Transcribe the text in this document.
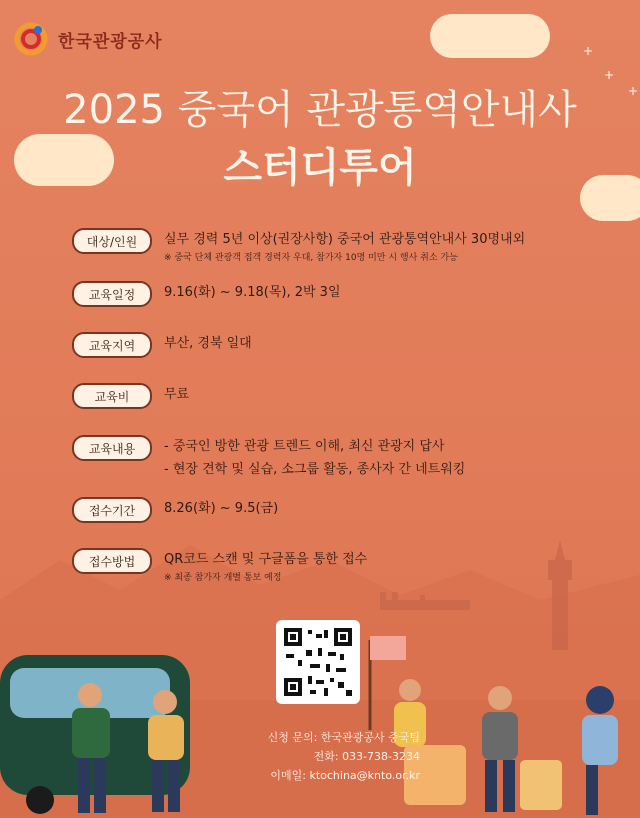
+
+
+
한국관광공사
2025 중국어 관광통역안내사
스터디투어
대상/인원	실무 경력 5년 이상(권장사항) 중국어 관광통역안내사 30명내외
※ 중국 단체 관광객 접객 경력자 우대, 참가자 10명 미만 시 행사 취소 가능
교육일정	9.16(화) ~ 9.18(목), 2박 3일
교육지역	부산, 경북 일대
교육비	무료
교육내용	- 중국인 방한 관광 트렌드 이해, 최신 관광지 답사
- 현장 견학 및 실습, 소그룹 활동, 종사자 간 네트워킹
접수기간	8.26(화) ~ 9.5(금)
접수방법	QR코드 스캔 및 구글폼을 통한 접수
※ 최종 참가자 개별 통보 예정
신청 문의: 한국관광공사 중국팀
전화: 033-738-3234
이메일: ktochina@knto.or.kr
